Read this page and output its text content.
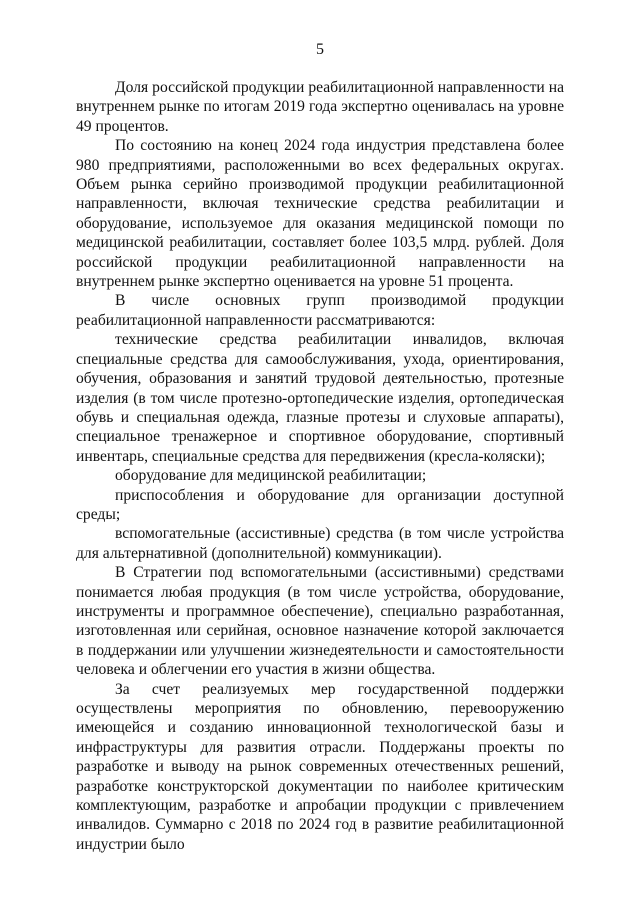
5

Доля российской продукции реабилитационной направленности на внутреннем рынке по итогам 2019 года экспертно оценивалась на уровне 49 процентов.

По состоянию на конец 2024 года индустрия представлена более 980 предприятиями, расположенными во всех федеральных округах. Объем рынка серийно производимой продукции реабилитационной направленности, включая технические средства реабилитации и оборудование, используемое для оказания медицинской помощи по медицинской реабилитации, составляет более 103,5 млрд. рублей. Доля российской продукции реабилитационной направленности на внутреннем рынке экспертно оценивается на уровне 51 процента.

В числе основных групп производимой продукции реабилитационной направленности рассматриваются:

технические средства реабилитации инвалидов, включая специальные средства для самообслуживания, ухода, ориентирования, обучения, образования и занятий трудовой деятельностью, протезные изделия (в том числе протезно-ортопедические изделия, ортопедическая обувь и специальная одежда, глазные протезы и слуховые аппараты), специальное тренажерное и спортивное оборудование, спортивный инвентарь, специальные средства для передвижения (кресла-коляски);

оборудование для медицинской реабилитации;

приспособления и оборудование для организации доступной среды;

вспомогательные (ассистивные) средства (в том числе устройства для альтернативной (дополнительной) коммуникации).

В Стратегии под вспомогательными (ассистивными) средствами понимается любая продукция (в том числе устройства, оборудование, инструменты и программное обеспечение), специально разработанная, изготовленная или серийная, основное назначение которой заключается в поддержании или улучшении жизнедеятельности и самостоятельности человека и облегчении его участия в жизни общества.

За счет реализуемых мер государственной поддержки осуществлены мероприятия по обновлению, перевооружению имеющейся и созданию инновационной технологической базы и инфраструктуры для развития отрасли. Поддержаны проекты по разработке и выводу на рынок современных отечественных решений, разработке конструкторской документации по наиболее критическим комплектующим, разработке и апробации продукции с привлечением инвалидов. Суммарно с 2018 по 2024 год в развитие реабилитационной индустрии было
